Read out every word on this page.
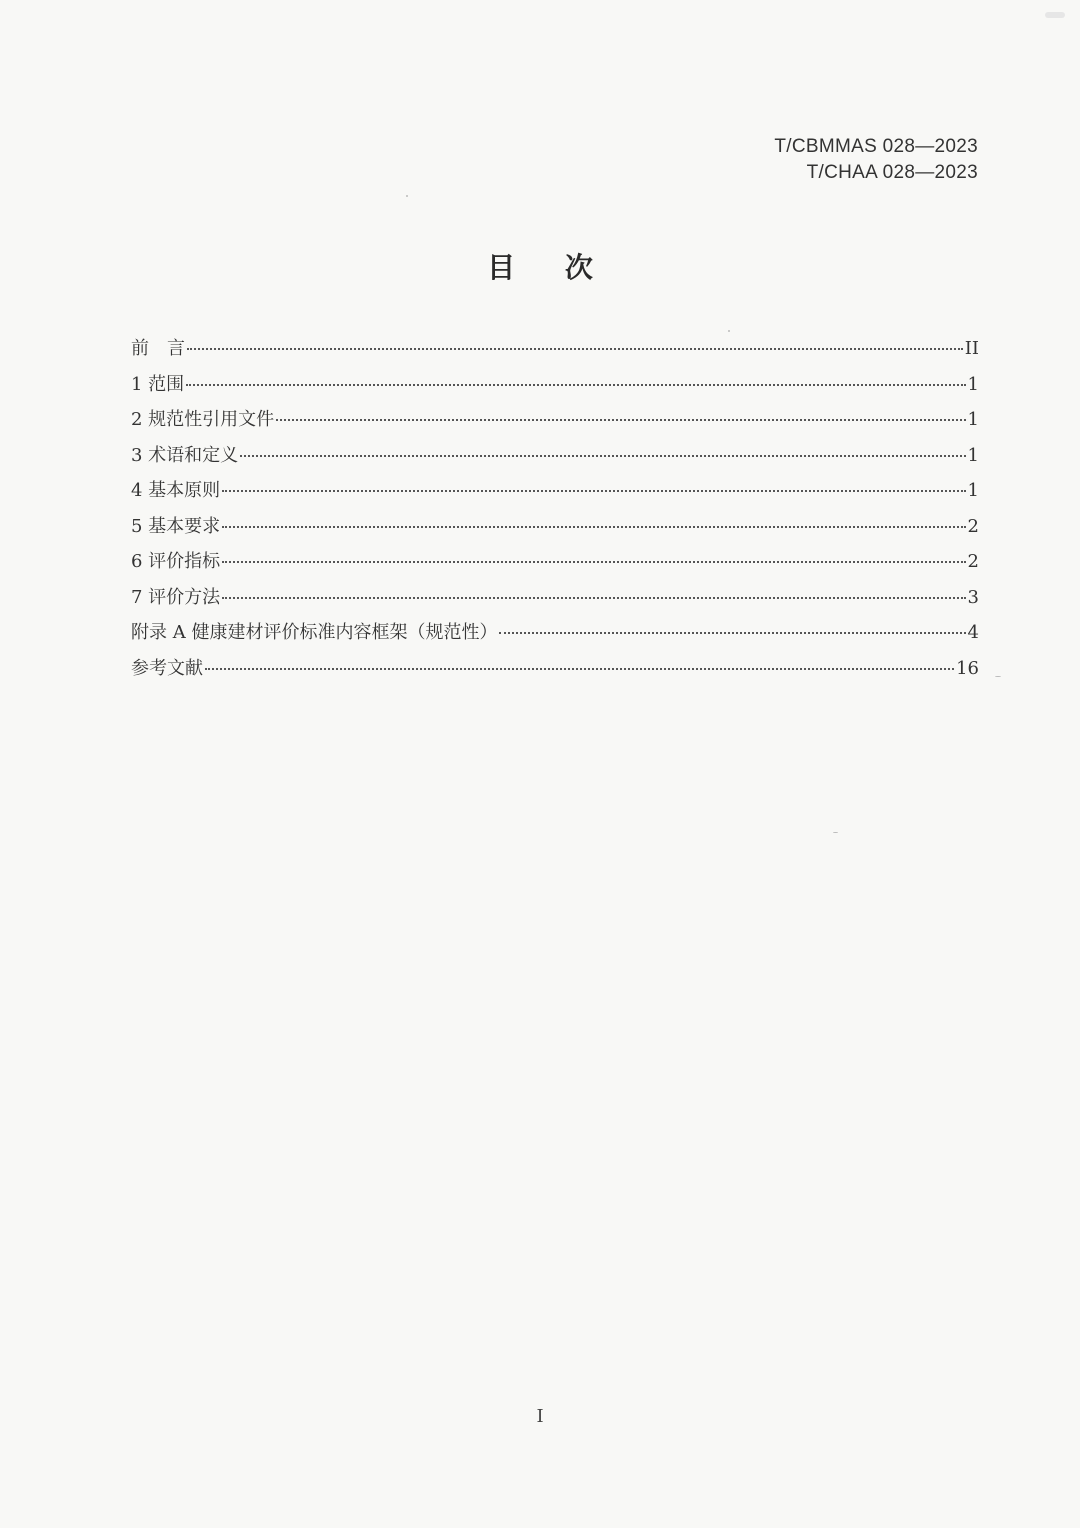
T/CBMMAS 028—2023
T/CHAA 028—2023
目 次
前　言	II
1 范围	1
2 规范性引用文件	1
3 术语和定义	1
4 基本原则	1
5 基本要求	2
6 评价指标	2
7 评价方法	3
附录 A 健康建材评价标准内容框架（规范性）	4
参考文献	16
I
